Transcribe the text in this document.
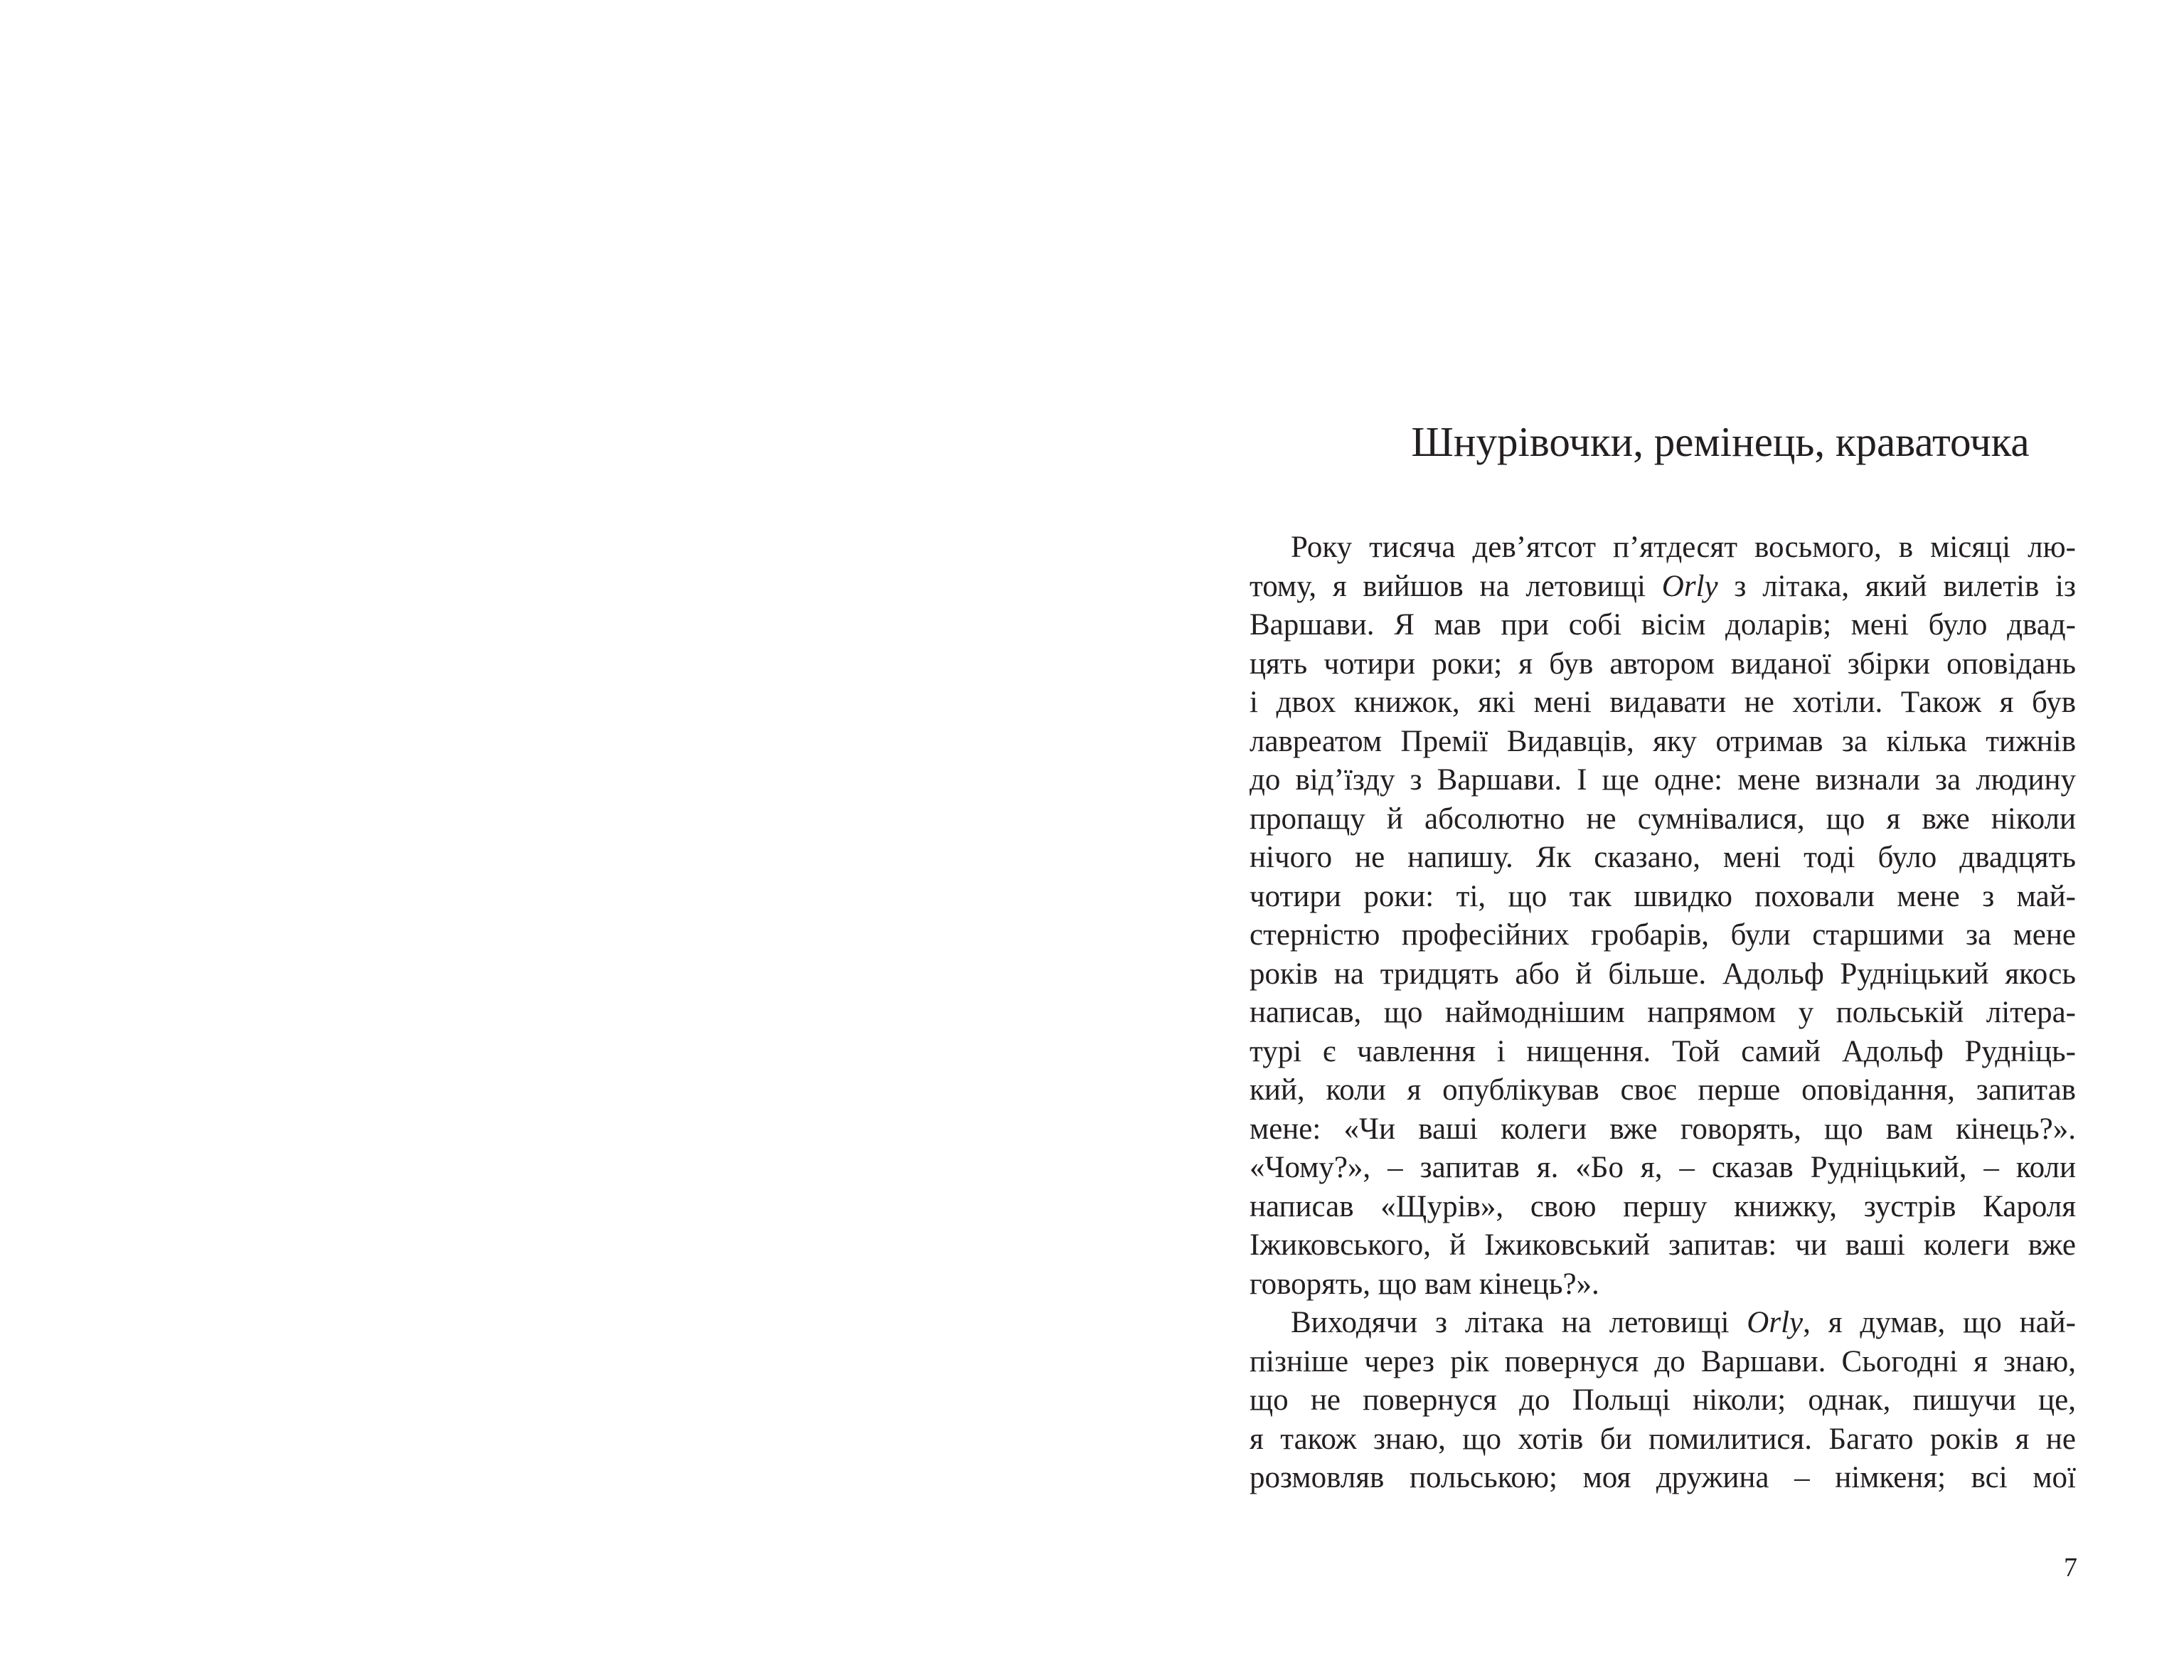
Шнурівочки, ремінець, краваточка
Року тисяча дев’ятсот п’ятдесят восьмого, в місяці лю-
тому, я вийшов на летовищі Orly з літака, який вилетів із
Варшави. Я мав при собі вісім доларів; мені було двад-
цять чотири роки; я був автором виданої збірки оповідань
і двох книжок, які мені видавати не хотіли. Також я був
лавреатом Премії Видавців, яку отримав за кілька тижнів
до від’їзду з Варшави. І ще одне: мене визнали за людину
пропащу й абсолютно не сумнівалися, що я вже ніколи
нічого не напишу. Як сказано, мені тоді було двадцять
чотири роки: ті, що так швидко поховали мене з май-
стерністю професійних гробарів, були старшими за мене
років на тридцять або й більше. Адольф Рудніцький якось
написав, що наймоднішим напрямом у польській літера-
турі є чавлення і нищення. Той самий Адольф Рудніць-
кий, коли я опублікував своє перше оповідання, запитав
мене: «Чи ваші колеги вже говорять, що вам кінець?».
«Чому?», – запитав я. «Бо я, – сказав Рудніцький, – коли
написав «Щурів», свою першу книжку, зустрів Кароля
Іжиковського, й Іжиковський запитав: чи ваші колеги вже
говорять, що вам кінець?».
Виходячи з літака на летовищі Orly, я думав, що най-
пізніше через рік повернуся до Варшави. Сьогодні я знаю,
що не повернуся до Польщі ніколи; однак, пишучи це,
я також знаю, що хотів би помилитися. Багато років я не
розмовляв польською; моя дружина – німкеня; всі мої
7
